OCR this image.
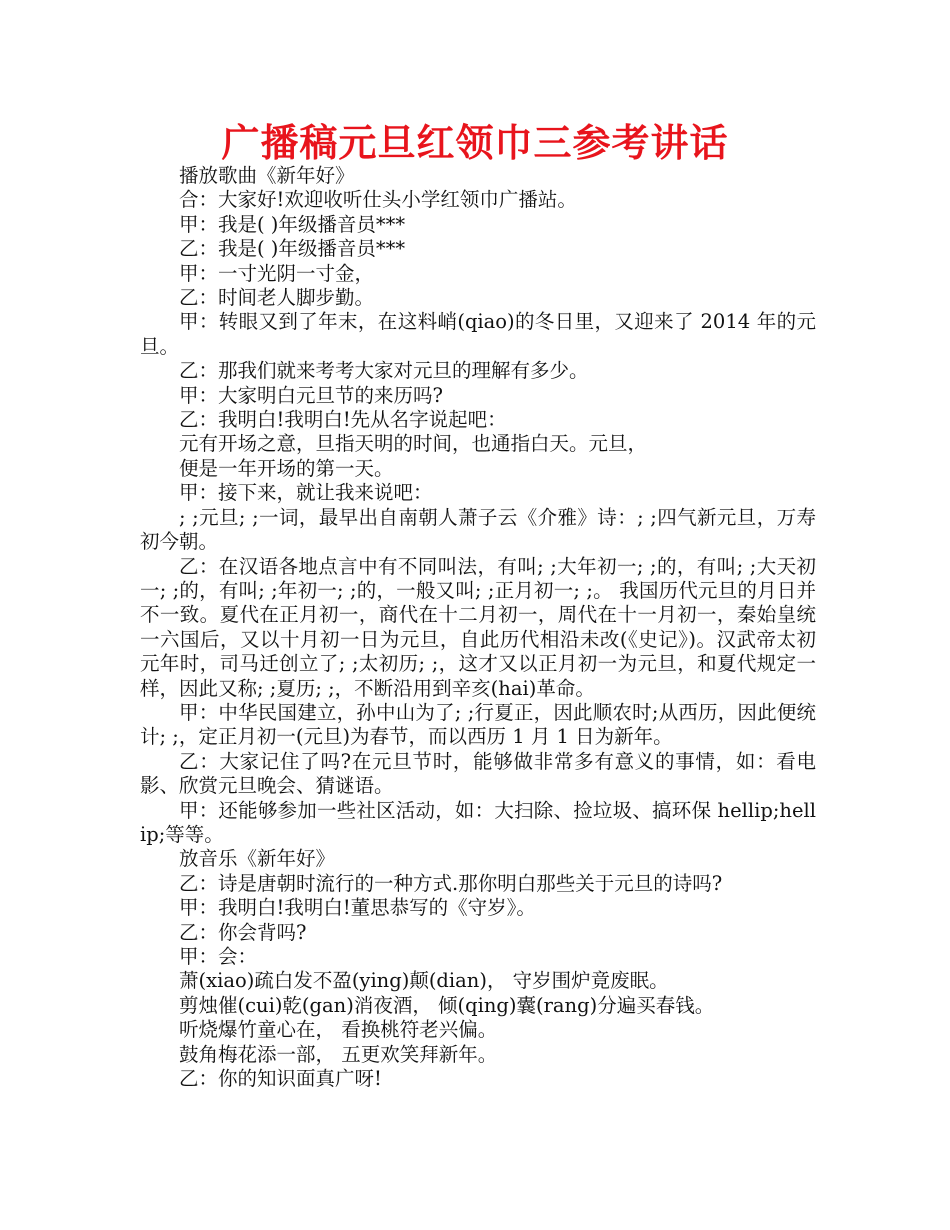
广播稿元旦红领巾三参考讲话

播放歌曲《新年好》

合：大家好!欢迎收听仕头小学红领巾广播站。

甲：我是( )年级播音员***

乙：我是( )年级播音员***

甲：一寸光阴一寸金，

乙：时间老人脚步勤。

甲：转眼又到了年末，在这料峭(qiao)的冬日里，又迎来了 2014 年的元旦。

乙：那我们就来考考大家对元旦的理解有多少。

甲：大家明白元旦节的来历吗?

乙：我明白!我明白!先从名字说起吧：

元有开场之意，旦指天明的时间，也通指白天。元旦，

便是一年开场的第一天。

甲：接下来，就让我来说吧：

; ;元旦; ;一词，最早出自南朝人萧子云《介雅》诗：; ;四气新元旦，万寿初今朝。

乙：在汉语各地点言中有不同叫法，有叫; ;大年初一; ;的，有叫; ;大天初一; ;的，有叫; ;年初一; ;的，一般又叫; ;正月初一; ;。 我国历代元旦的月日并不一致。夏代在正月初一，商代在十二月初一，周代在十一月初一，秦始皇统一六国后，又以十月初一日为元旦，自此历代相沿未改(《史记》)。汉武帝太初元年时，司马迁创立了; ;太初历; ;，这才又以正月初一为元旦，和夏代规定一样，因此又称; ;夏历; ;，不断沿用到辛亥(hai)革命。

甲：中华民国建立，孙中山为了; ;行夏正，因此顺农时;从西历，因此便统计; ;，定正月初一(元旦)为春节，而以西历 1 月 1 日为新年。

乙：大家记住了吗?在元旦节时，能够做非常多有意义的事情，如：看电影、欣赏元旦晚会、猜谜语。

甲：还能够参加一些社区活动，如：大扫除、捡垃圾、搞环保 hellip;hellip;等等。

放音乐《新年好》

乙：诗是唐朝时流行的一种方式.那你明白那些关于元旦的诗吗?

甲：我明白!我明白!董思恭写的《守岁》。

乙：你会背吗?

甲：会：

萧(xiao)疏白发不盈(ying)颠(dian)， 守岁围炉竟废眠。

剪烛催(cui)乾(gan)消夜酒， 倾(qing)囊(rang)分遍买春钱。

听烧爆竹童心在， 看换桃符老兴偏。

鼓角梅花添一部， 五更欢笑拜新年。

乙：你的知识面真广呀!
